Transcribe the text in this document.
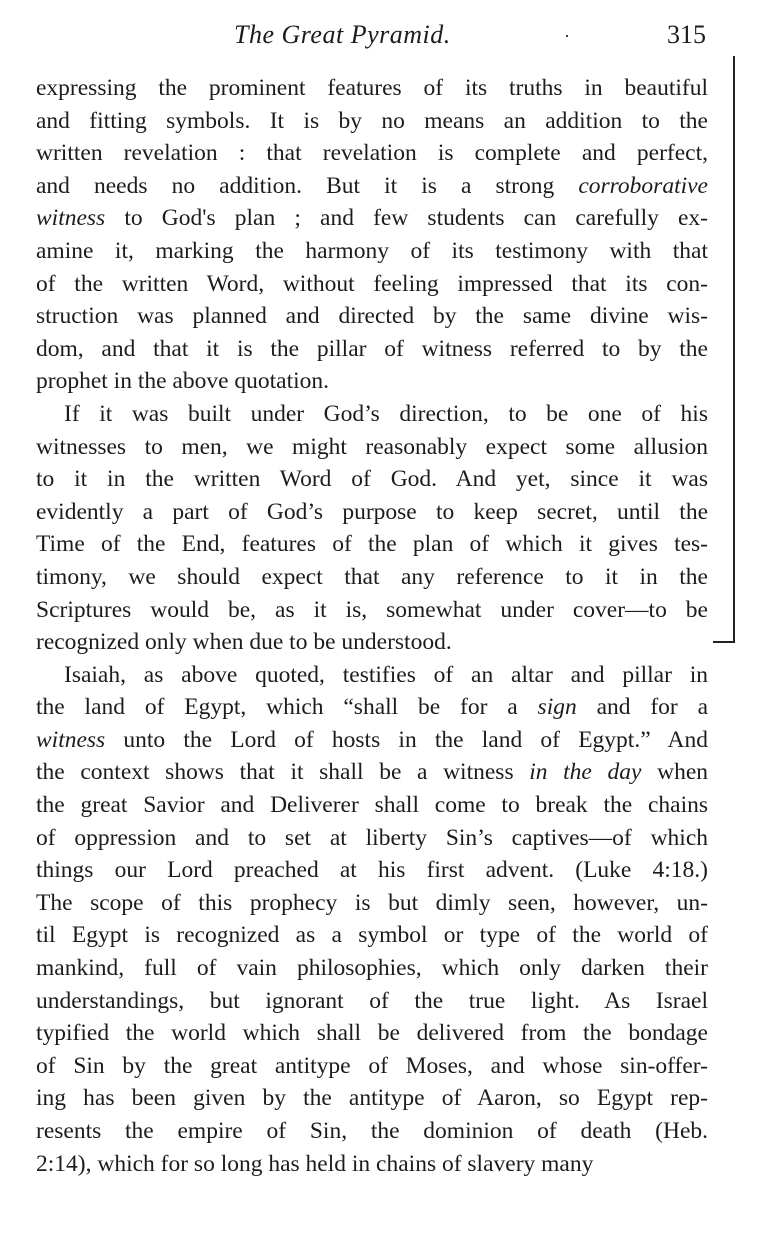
The Great Pyramid.	·	315
expressing the prominent features of its truths in beautiful
and fitting symbols. It is by no means an addition to the
written revelation : that revelation is complete and perfect,
and needs no addition. But it is a strong corroborative
witness to God's plan ; and few students can carefully ex-
amine it, marking the harmony of its testimony with that
of the written Word, without feeling impressed that its con-
struction was planned and directed by the same divine wis-
dom, and that it is the pillar of witness referred to by the
prophet in the above quotation.
If it was built under God’s direction, to be one of his
witnesses to men, we might reasonably expect some allusion
to it in the written Word of God. And yet, since it was
evidently a part of God’s purpose to keep secret, until the
Time of the End, features of the plan of which it gives tes-
timony, we should expect that any reference to it in the
Scriptures would be, as it is, somewhat under cover—to be
recognized only when due to be understood.
Isaiah, as above quoted, testifies of an altar and pillar in
the land of Egypt, which “shall be for a sign and for a
witness unto the Lord of hosts in the land of Egypt.” And
the context shows that it shall be a witness in the day when
the great Savior and Deliverer shall come to break the chains
of oppression and to set at liberty Sin’s captives—of which
things our Lord preached at his first advent. (Luke 4:18.)
The scope of this prophecy is but dimly seen, however, un-
til Egypt is recognized as a symbol or type of the world of
mankind, full of vain philosophies, which only darken their
understandings, but ignorant of the true light. As Israel
typified the world which shall be delivered from the bondage
of Sin by the great antitype of Moses, and whose sin-offer-
ing has been given by the antitype of Aaron, so Egypt rep-
resents the empire of Sin, the dominion of death (Heb.
2:14), which for so long has held in chains of slavery many
